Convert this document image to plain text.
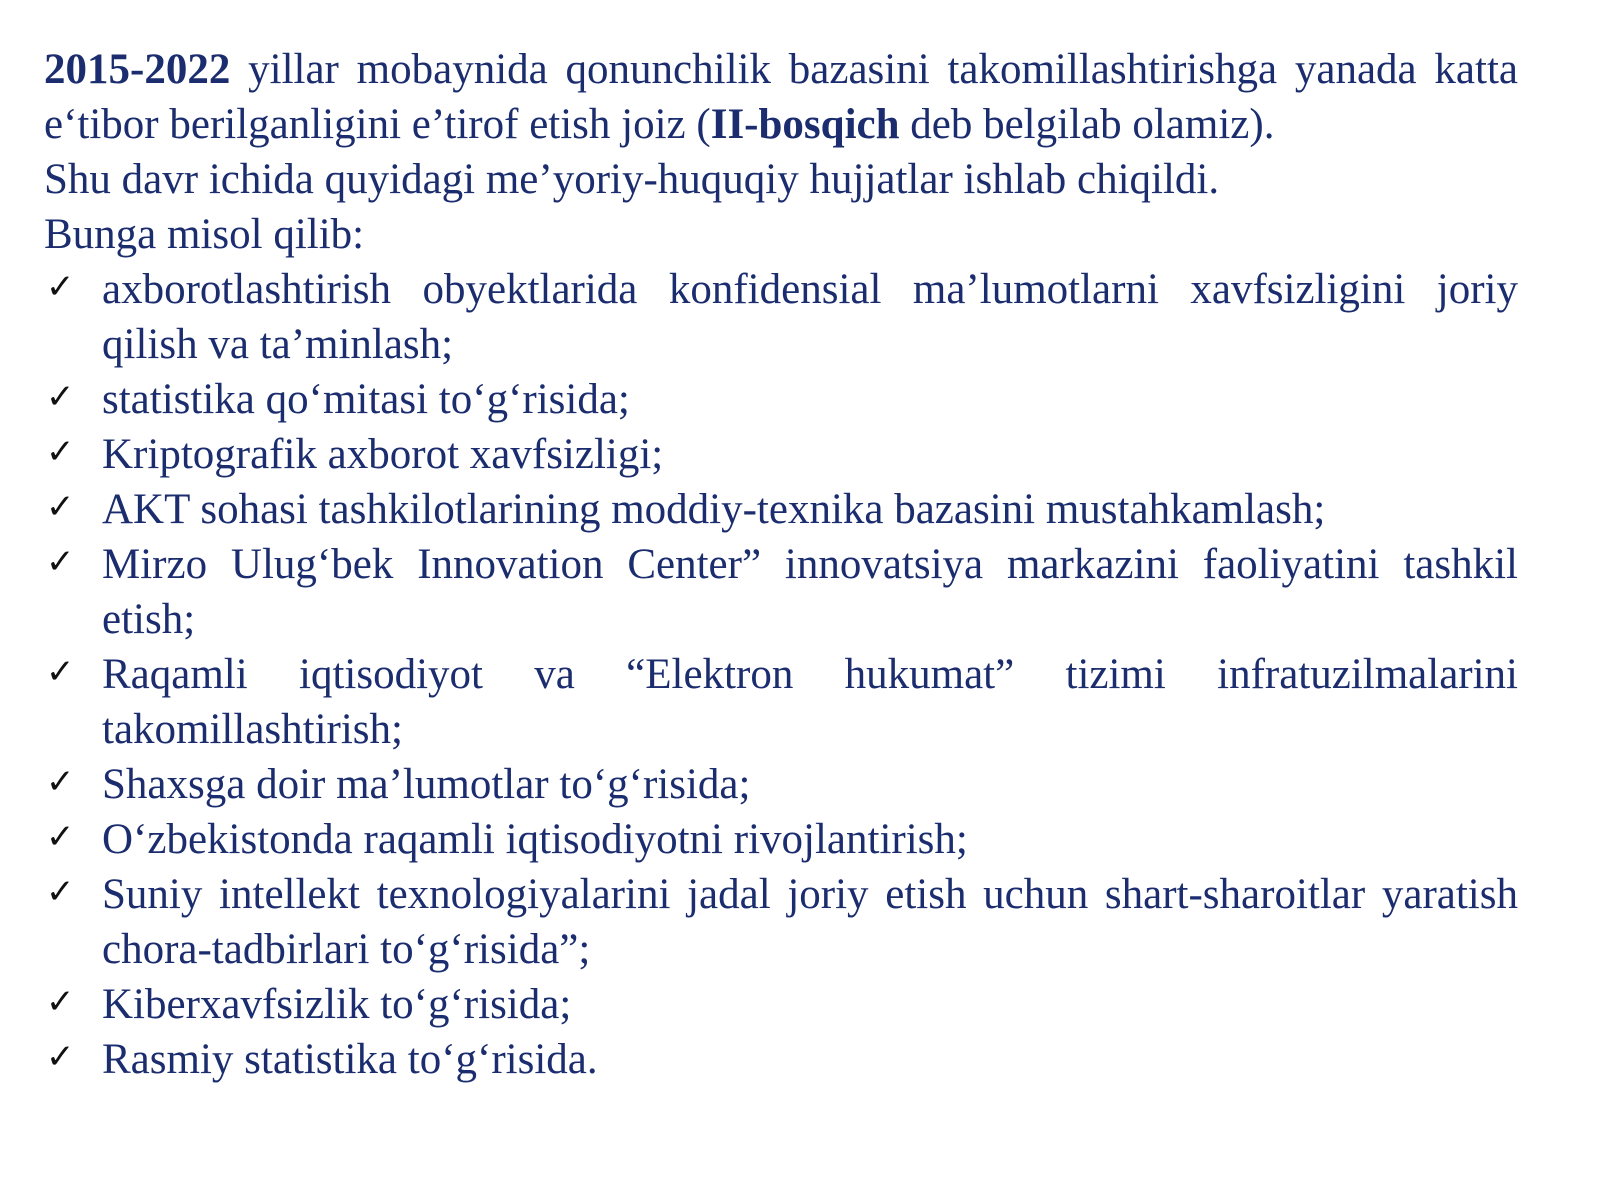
2015-2022 yillar mobaynida qonunchilik bazasini takomillashtirishga yanada katta e‘tibor berilganligini e’tirof etish joiz (II-bosqich deb belgilab olamiz).
Shu davr ichida quyidagi me’yoriy-huquqiy hujjatlar ishlab chiqildi.
Bunga misol qilib:
✓ axborotlashtirish obyektlarida konfidensial ma’lumotlarni xavfsizligini joriy qilish va ta’minlash;
✓ statistika qo‘mitasi to‘g‘risida;
✓ Kriptografik axborot xavfsizligi;
✓ AKT sohasi tashkilotlarining moddiy-texnika bazasini mustahkamlash;
✓ Mirzo Ulug‘bek Innovation Center” innovatsiya markazini faoliyatini tashkil etish;
✓ Raqamli iqtisodiyot va “Elektron hukumat” tizimi infratuzilmalarini takomillashtirish;
✓ Shaxsga doir ma’lumotlar to‘g‘risida;
✓ O‘zbekistonda raqamli iqtisodiyotni rivojlantirish;
✓ Suniy intellekt texnologiyalarini jadal joriy etish uchun shart-sharoitlar yaratish chora-tadbirlari to‘g‘risida”;
✓ Kiberxavfsizlik to‘g‘risida;
✓ Rasmiy statistika to‘g‘risida.
